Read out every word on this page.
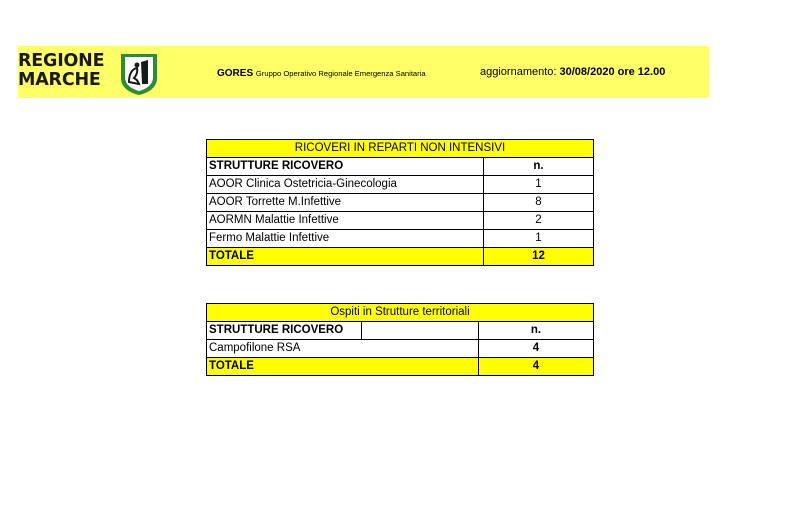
REGIONE
MARCHE	GORES Gruppo Operativo Regionale Emergenza Sanitaria	aggiornamento: 30/08/2020 ore 12.00
RICOVERI IN REPARTI NON INTENSIVI	
STRUTTURE RICOVERO	n.
AOOR Clinica Ostetricia-Ginecologia	1
AOOR Torrette M.Infettive	8
AORMN Malattie Infettive	2
Fermo Malattie Infettive	1
TOTALE	12
Ospiti in Strutture territoriali		
STRUTTURE RICOVERO		n.
Campofilone RSA		4
TOTALE		4
